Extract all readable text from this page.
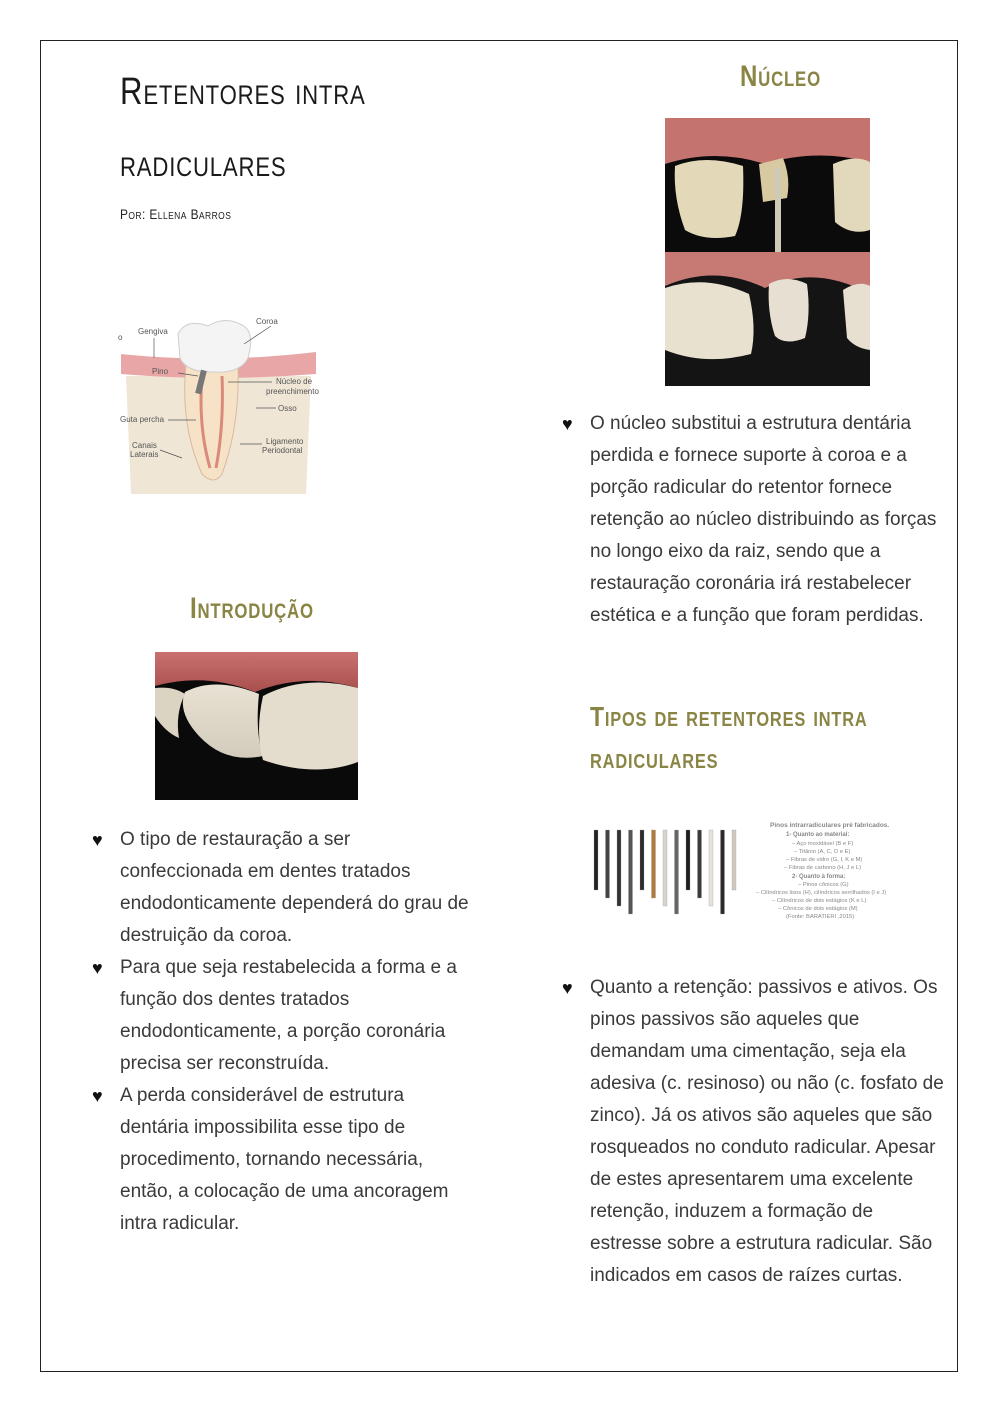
Retentores intra
radiculares
Por: Ellena Barros
Gengiva
Coroa
Pino
Núcleo de
preenchimento
Osso
Guta percha
Canais
Laterais
Ligamento
Periodontal
o
Introdução
♥ O tipo de restauração a ser confeccionada em dentes tratados endodonticamente dependerá do grau de destruição da coroa.
♥ Para que seja restabelecida a forma e a função dos dentes tratados endodonticamente, a porção coronária precisa ser reconstruída.
♥ A perda considerável de estrutura dentária impossibilita esse tipo de procedimento, tornando necessária, então, a colocação de uma ancoragem intra radicular.
Núcleo
♥ O núcleo substitui a estrutura dentária perdida e fornece suporte à coroa e a porção radicular do retentor fornece retenção ao núcleo distribuindo as forças no longo eixo da raiz, sendo que a restauração coronária irá restabelecer estética e a função que foram perdidas.
Tipos de retentores intra radiculares
Pinos intrarradiculares pré fabricados.
1- Quanto ao material:
– Aço inoxidável (B e F)
– Titânio (A, C, D e E)
– Fibras de vidro (G, I, K e M)
– Fibras de carbono (H, J e L)
2- Quanto à forma:
– Pinos cônicos (G)
– Cilíndricos lisos (H), cilíndricos serrilhados (I e J)
– Cilíndricos de dois estágios (K e L)
– Cônicos de dois estágios (M)
(Fonte: BARATIERI ,2015)
♥ Quanto a retenção: passivos e ativos. Os pinos passivos são aqueles que demandam uma cimentação, seja ela adesiva (c. resinoso) ou não (c. fosfato de zinco). Já os ativos são aqueles que são rosqueados no conduto radicular. Apesar de estes apresentarem uma excelente retenção, induzem a formação de estresse sobre a estrutura radicular. São indicados em casos de raízes curtas.
